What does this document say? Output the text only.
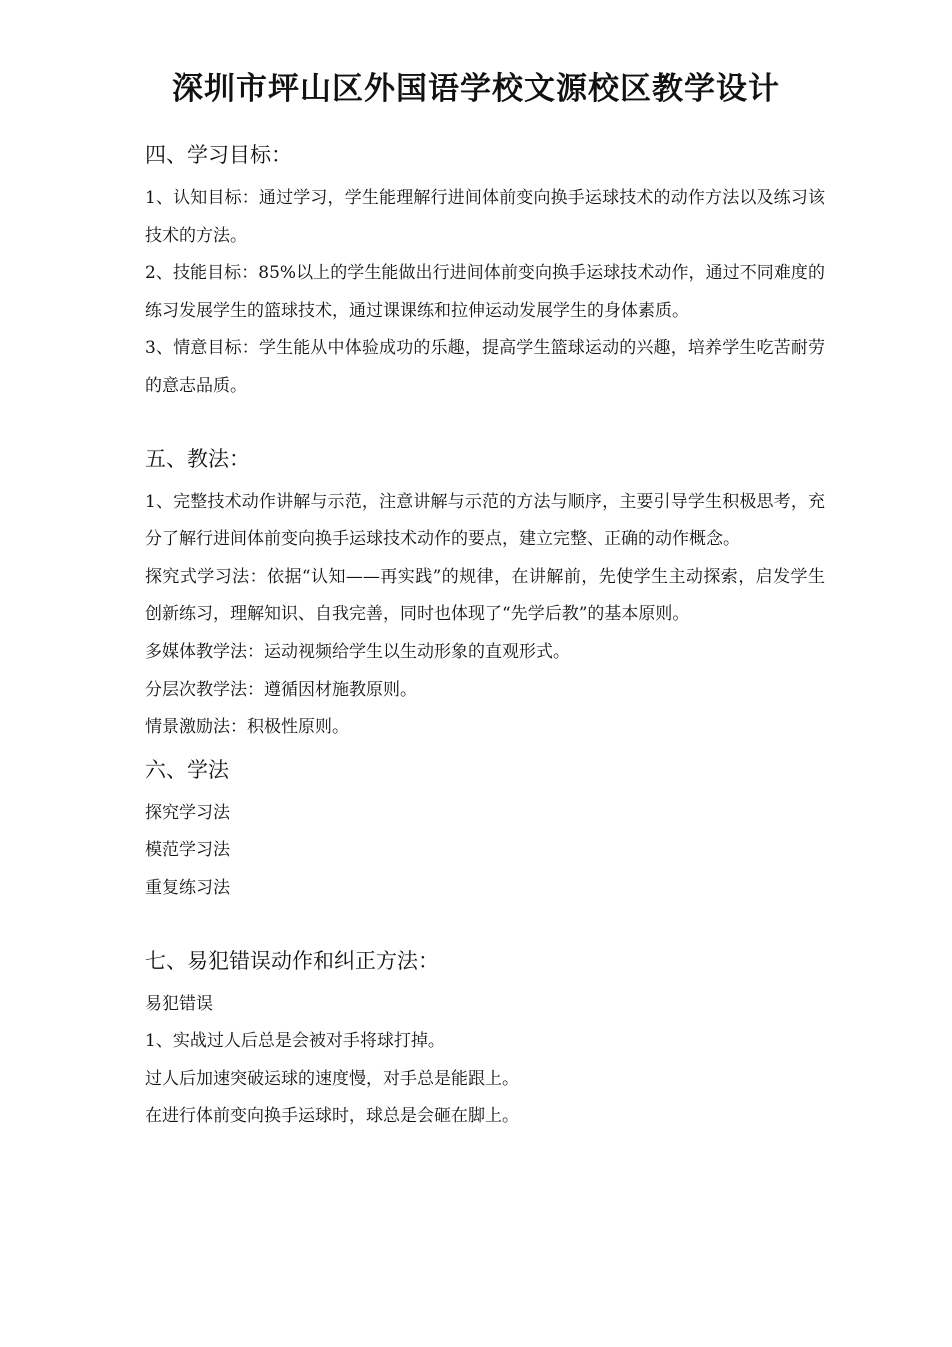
深圳市坪山区外国语学校文源校区教学设计
四、学习目标：

1、认知目标：通过学习，学生能理解行进间体前变向换手运球技术的动作方法以及练习该技术的方法。

2、技能目标：85%以上的学生能做出行进间体前变向换手运球技术动作，通过不同难度的练习发展学生的篮球技术，通过课课练和拉伸运动发展学生的身体素质。

3、情意目标：学生能从中体验成功的乐趣，提高学生篮球运动的兴趣，培养学生吃苦耐劳的意志品质。

五、教法：

1、完整技术动作讲解与示范，注意讲解与示范的方法与顺序，主要引导学生积极思考，充分了解行进间体前变向换手运球技术动作的要点，建立完整、正确的动作概念。

探究式学习法：依据“认知——再实践”的规律，在讲解前，先使学生主动探索，启发学生创新练习，理解知识、自我完善，同时也体现了“先学后教”的基本原则。

多媒体教学法：运动视频给学生以生动形象的直观形式。

分层次教学法：遵循因材施教原则。

情景激励法：积极性原则。

六、学法

探究学习法

模范学习法

重复练习法

七、易犯错误动作和纠正方法：

易犯错误

1、实战过人后总是会被对手将球打掉。

过人后加速突破运球的速度慢，对手总是能跟上。

在进行体前变向换手运球时，球总是会砸在脚上。
